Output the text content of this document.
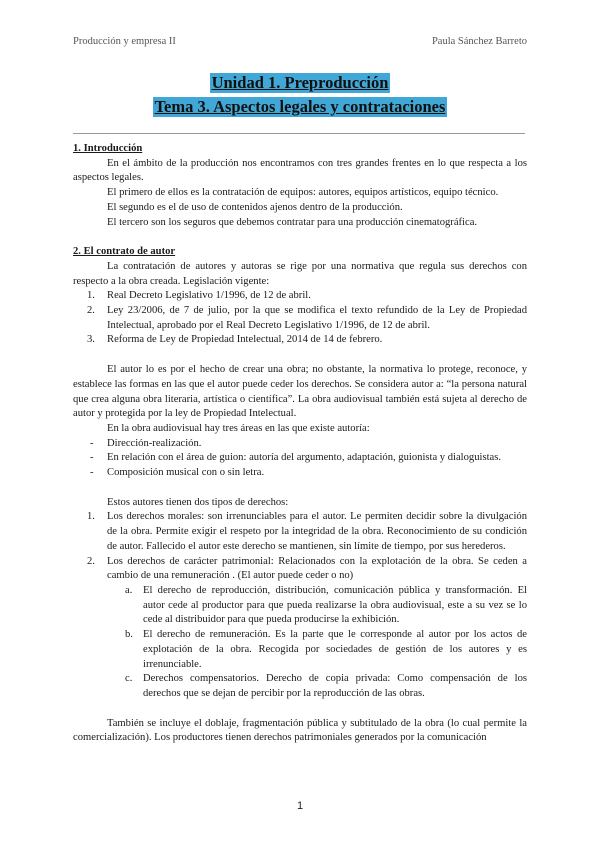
Producción y empresa II	Paula Sánchez Barreto
Unidad 1. Preproducción
Tema 3. Aspectos legales y contrataciones

1. Introducción

En el ámbito de la producción nos encontramos con tres grandes frentes en lo que respecta a los aspectos legales.

El primero de ellos es la contratación de equipos: autores, equipos artísticos, equipo técnico.

El segundo es el de uso de contenidos ajenos dentro de la producción.

El tercero son los seguros que debemos contratar para una producción cinematográfica.

2. El contrato de autor

La contratación de autores y autoras se rige por una normativa que regula sus derechos con respecto a la obra creada. Legislación vigente:

1. Real Decreto Legislativo 1/1996, de 12 de abril.
2. Ley 23/2006, de 7 de julio, por la que se modifica el texto refundido de la Ley de Propiedad Intelectual, aprobado por el Real Decreto Legislativo 1/1996, de 12 de abril.
3. Reforma de Ley de Propiedad Intelectual, 2014 de 14 de febrero.

El autor lo es por el hecho de crear una obra; no obstante, la normativa lo protege, reconoce, y establece las formas en las que el autor puede ceder los derechos. Se considera autor a: “la persona natural que crea alguna obra literaria, artística o científica”. La obra audiovisual también está sujeta al derecho de autor y protegida por la ley de Propiedad Intelectual.

En la obra audiovisual hay tres áreas en las que existe autoría:

- Dirección-realización.
- En relación con el área de guion: autoría del argumento, adaptación, guionista y dialoguistas.
- Composición musical con o sin letra.

Estos autores tienen dos tipos de derechos:

1. Los derechos morales: son irrenunciables para el autor. Le permiten decidir sobre la divulgación de la obra. Permite exigir el respeto por la integridad de la obra. Reconocimiento de su condición de autor. Fallecido el autor este derecho se mantienen, sin límite de tiempo, por sus herederos.
2. Los derechos de carácter patrimonial: Relacionados con la explotación de la obra. Se ceden a cambio de una remuneración . (El autor puede ceder o no)
a. El derecho de reproducción, distribución, comunicación pública y transformación. El autor cede al productor para que pueda realizarse la obra audiovisual, este a su vez se lo cede al distribuidor para que pueda producirse la exhibición.
b. El derecho de remuneración. Es la parte que le corresponde al autor por los actos de explotación de la obra. Recogida por sociedades de gestión de los autores y es irrenunciable.
c. Derechos compensatorios. Derecho de copia privada: Como compensación de los derechos que se dejan de percibir por la reproducción de las obras.

También se incluye el doblaje, fragmentación pública y subtitulado de la obra (lo cual permite la comercialización). Los productores tienen derechos patrimoniales generados por la comunicación

1
